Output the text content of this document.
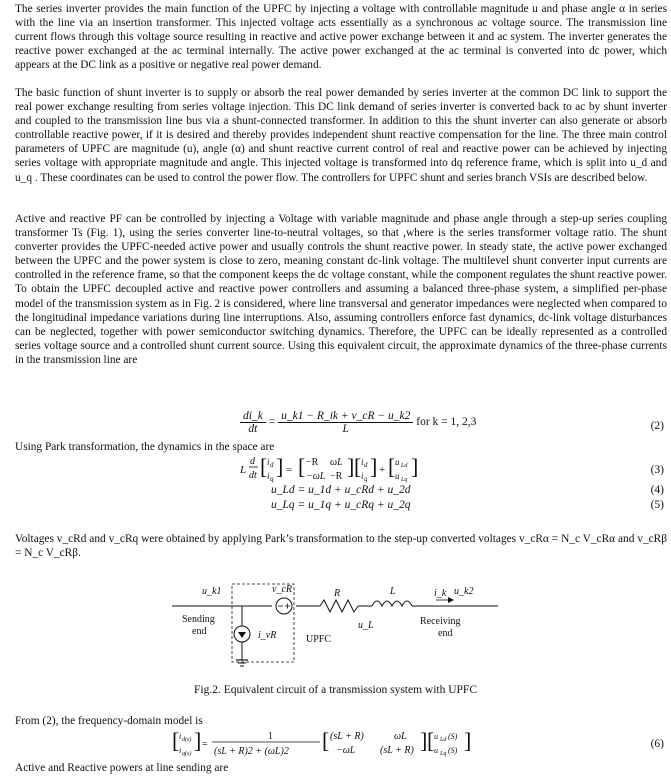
The series inverter provides the main function of the UPFC by injecting a voltage with controllable magnitude u and phase angle α in series with the line via an insertion transformer. This injected voltage acts essentially as a synchronous ac voltage source. The transmission line current flows through this voltage source resulting in reactive and active power exchange between it and ac system. The inverter generates the reactive power exchanged at the ac terminal internally. The active power exchanged at the ac terminal is converted into dc power, which appears at the DC link as a positive or negative real power demand.

The basic function of shunt inverter is to supply or absorb the real power demanded by series inverter at the common DC link to support the real power exchange resulting from series voltage injection. This DC link demand of series inverter is converted back to ac by shunt inverter and coupled to the transmission line bus via a shunt-connected transformer. In addition to this the shunt inverter can also generate or absorb controllable reactive power, if it is desired and thereby provides independent shunt reactive compensation for the line. The three main control parameters of UPFC are magnitude (u), angle (α) and shunt reactive current control of real and reactive power can be achieved by injecting series voltage with appropriate magnitude and angle. This injected voltage is transformed into dq reference frame, which is split into u_d and u_q . These coordinates can be used to control the power flow. The controllers for UPFC shunt and series branch VSIs are described below.

Active and reactive PF can be controlled by injecting a Voltage with variable magnitude and phase angle through a step-up series coupling transformer Ts (Fig. 1), using the series converter line-to-neutral voltages, so that ,where is the series transformer voltage ratio. The shunt converter provides the UPFC-needed active power and usually controls the shunt reactive power. In steady state, the active power exchanged between the UPFC and the power system is close to zero, meaning constant dc-link voltage. The multilevel shunt converter input currents are controlled in the reference frame, so that the component keeps the dc voltage constant, while the component regulates the shunt reactive power. To obtain the UPFC decoupled active and reactive power controllers and assuming a balanced three-phase system, a simplified per-phase model of the transmission system as in Fig. 2 is considered, where line transversal and generator impedances were neglected when compared to the longitudinal impedance variations during line interruptions. Also, assuming controllers enforce fast dynamics, dc-link voltage disturbances can be neglected, together with power semiconductor switching dynamics. Therefore, the UPFC can be ideally represented as a controlled series voltage source and a controlled shunt current source. Using this equivalent circuit, the approximate dynamics of the three-phase currents in the transmission line are

$\frac{di\_k}{dt} = \frac{u\_k1 - R\_ik + v\_cR - u\_k2}{L}$ for k = 1, 2,3	(2)

Using Park transformation, the dynamics in the space are

L
d
dt [ i d
i q ] = [ −R ωL
−ωL −R ] [ i d
i q ] + [ u Ld
u Lq
]	(3)
u_Ld = u_1d + u_cRd + u_2d	(4)
u_Lq = u_1q + u_cRq + u_2q	(5)

Voltages v_cRd and v_cRq were obtained by applying Park’s transformation to the step-up converted voltages v_cRα = N_c V_cRα and v_cRβ = N_c V_cRβ.

u_k1	v_cR	R	L	i_k u_k2
i_vR
u_L
Sending
end
UPFC
Receiving
end
Fig.2. Equivalent circuit of a transmission system with UPFC

From (2), the frequency-domain model is

[ i d(s)
i q(s)
] =
1
(sL + R)2 + (ωL)2 [ (sL + R)	ωL
−ωL (sL + R) ] [ u Ld (S)
u Lq (S) ]	(6)

Active and Reactive powers at line sending are
